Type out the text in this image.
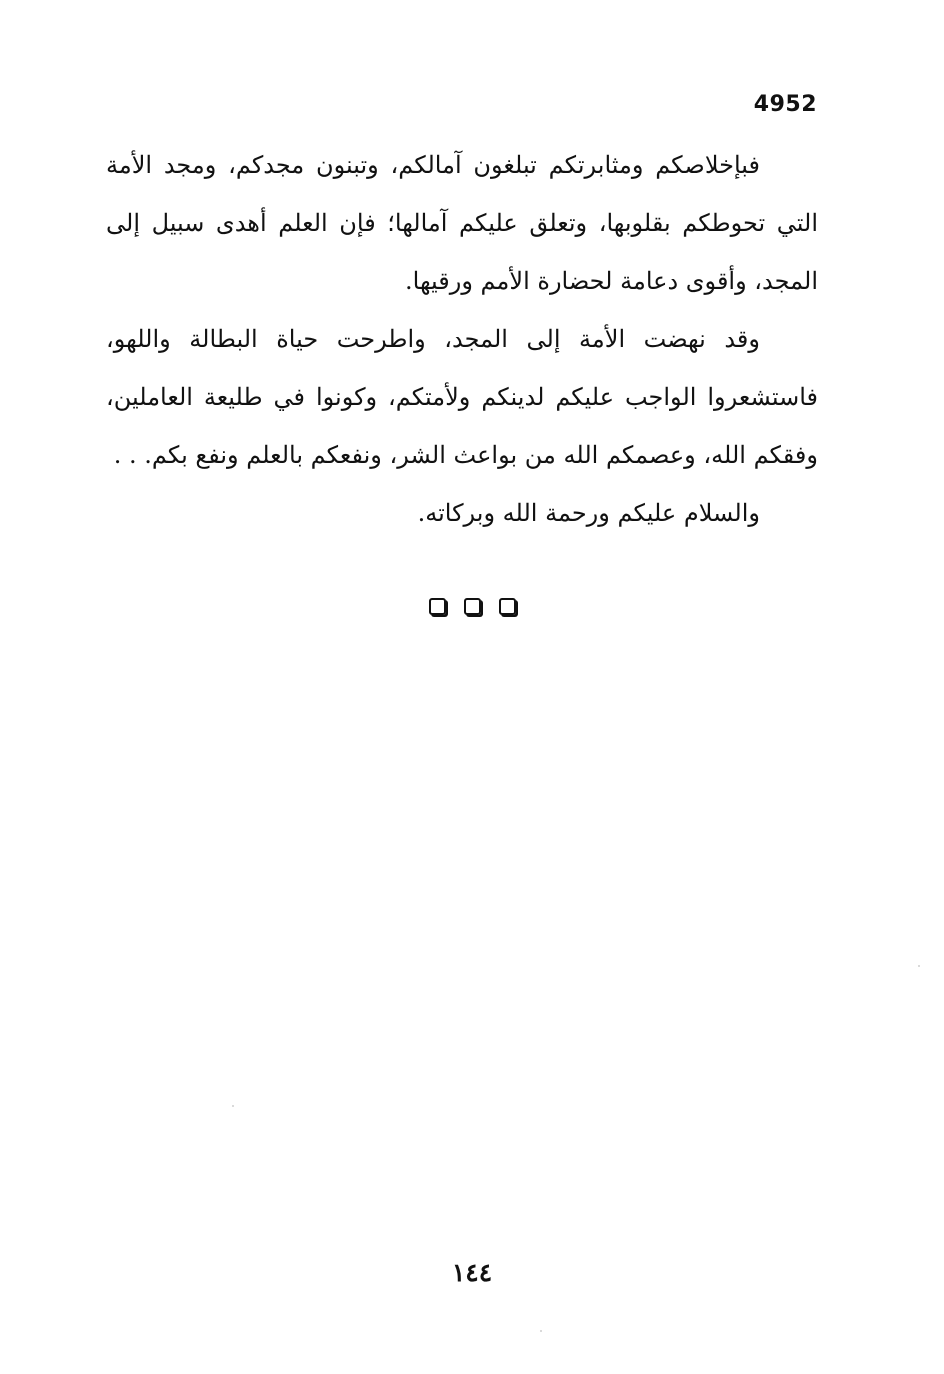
4952

فبإخلاصكم ومثابرتكم تبلغون آمالكم، وتبنون مجدكم، ومجد الأمة التي تحوطكم بقلوبها، وتعلق عليكم آمالها؛ فإن العلم أهدى سبيل إلى المجد، وأقوى دعامة لحضارة الأمم ورقيها.

وقد نهضت الأمة إلى المجد، واطرحت حياة البطالة واللهو، فاستشعروا الواجب عليكم لدينكم ولأمتكم، وكونوا في طليعة العاملين، وفقكم الله، وعصمكم الله من بواعث الشر، ونفعكم بالعلم ونفع بكم. . .

والسلام عليكم ورحمة الله وبركاته.

١٤٤
